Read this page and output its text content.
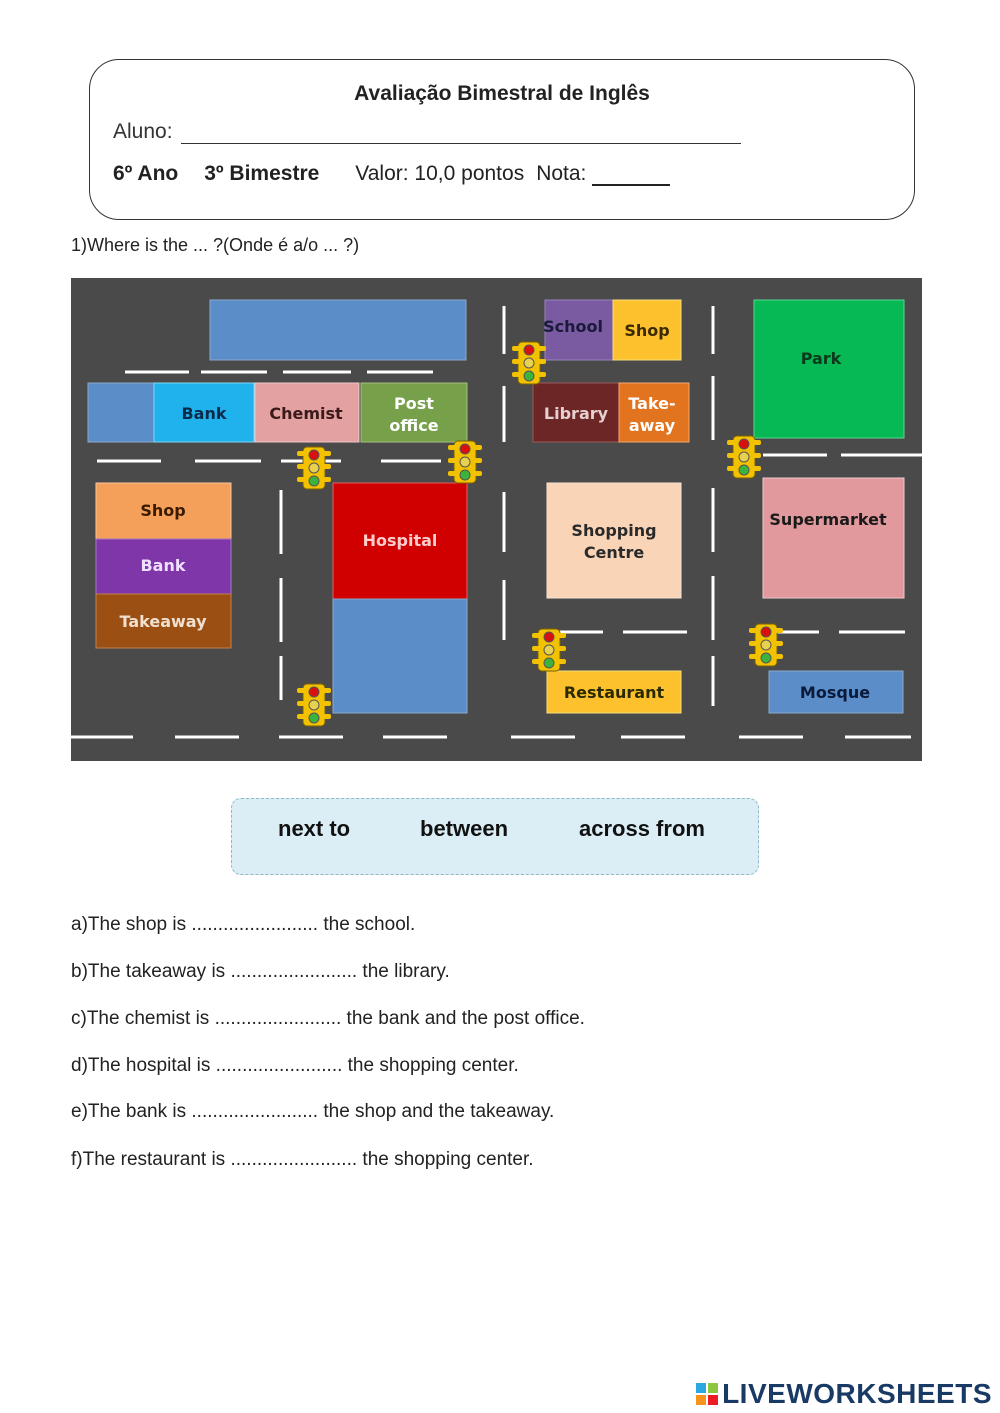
Avaliação Bimestral de Inglês
Aluno:
6º Ano 3º Bimestre Valor: 10,0 pontos Nota:
1)Where is the ... ?(Onde é a/o ... ?)
School Shop
Park
Bank	Chemist
Post
office
Library
Take-
away
Shop
Bank
Takeaway
Hospital
Shopping
Centre
Supermarket
Restaurant	Mosque
next to	between	across from
a)The shop is ........................ the school.
b)The takeaway is ........................ the library.
c)The chemist is ........................ the bank and the post office.
d)The hospital is ........................ the shopping center.
e)The bank is ........................ the shop and the takeaway.
f)The restaurant is ........................ the shopping center.
LIVEWORKSHEETS
